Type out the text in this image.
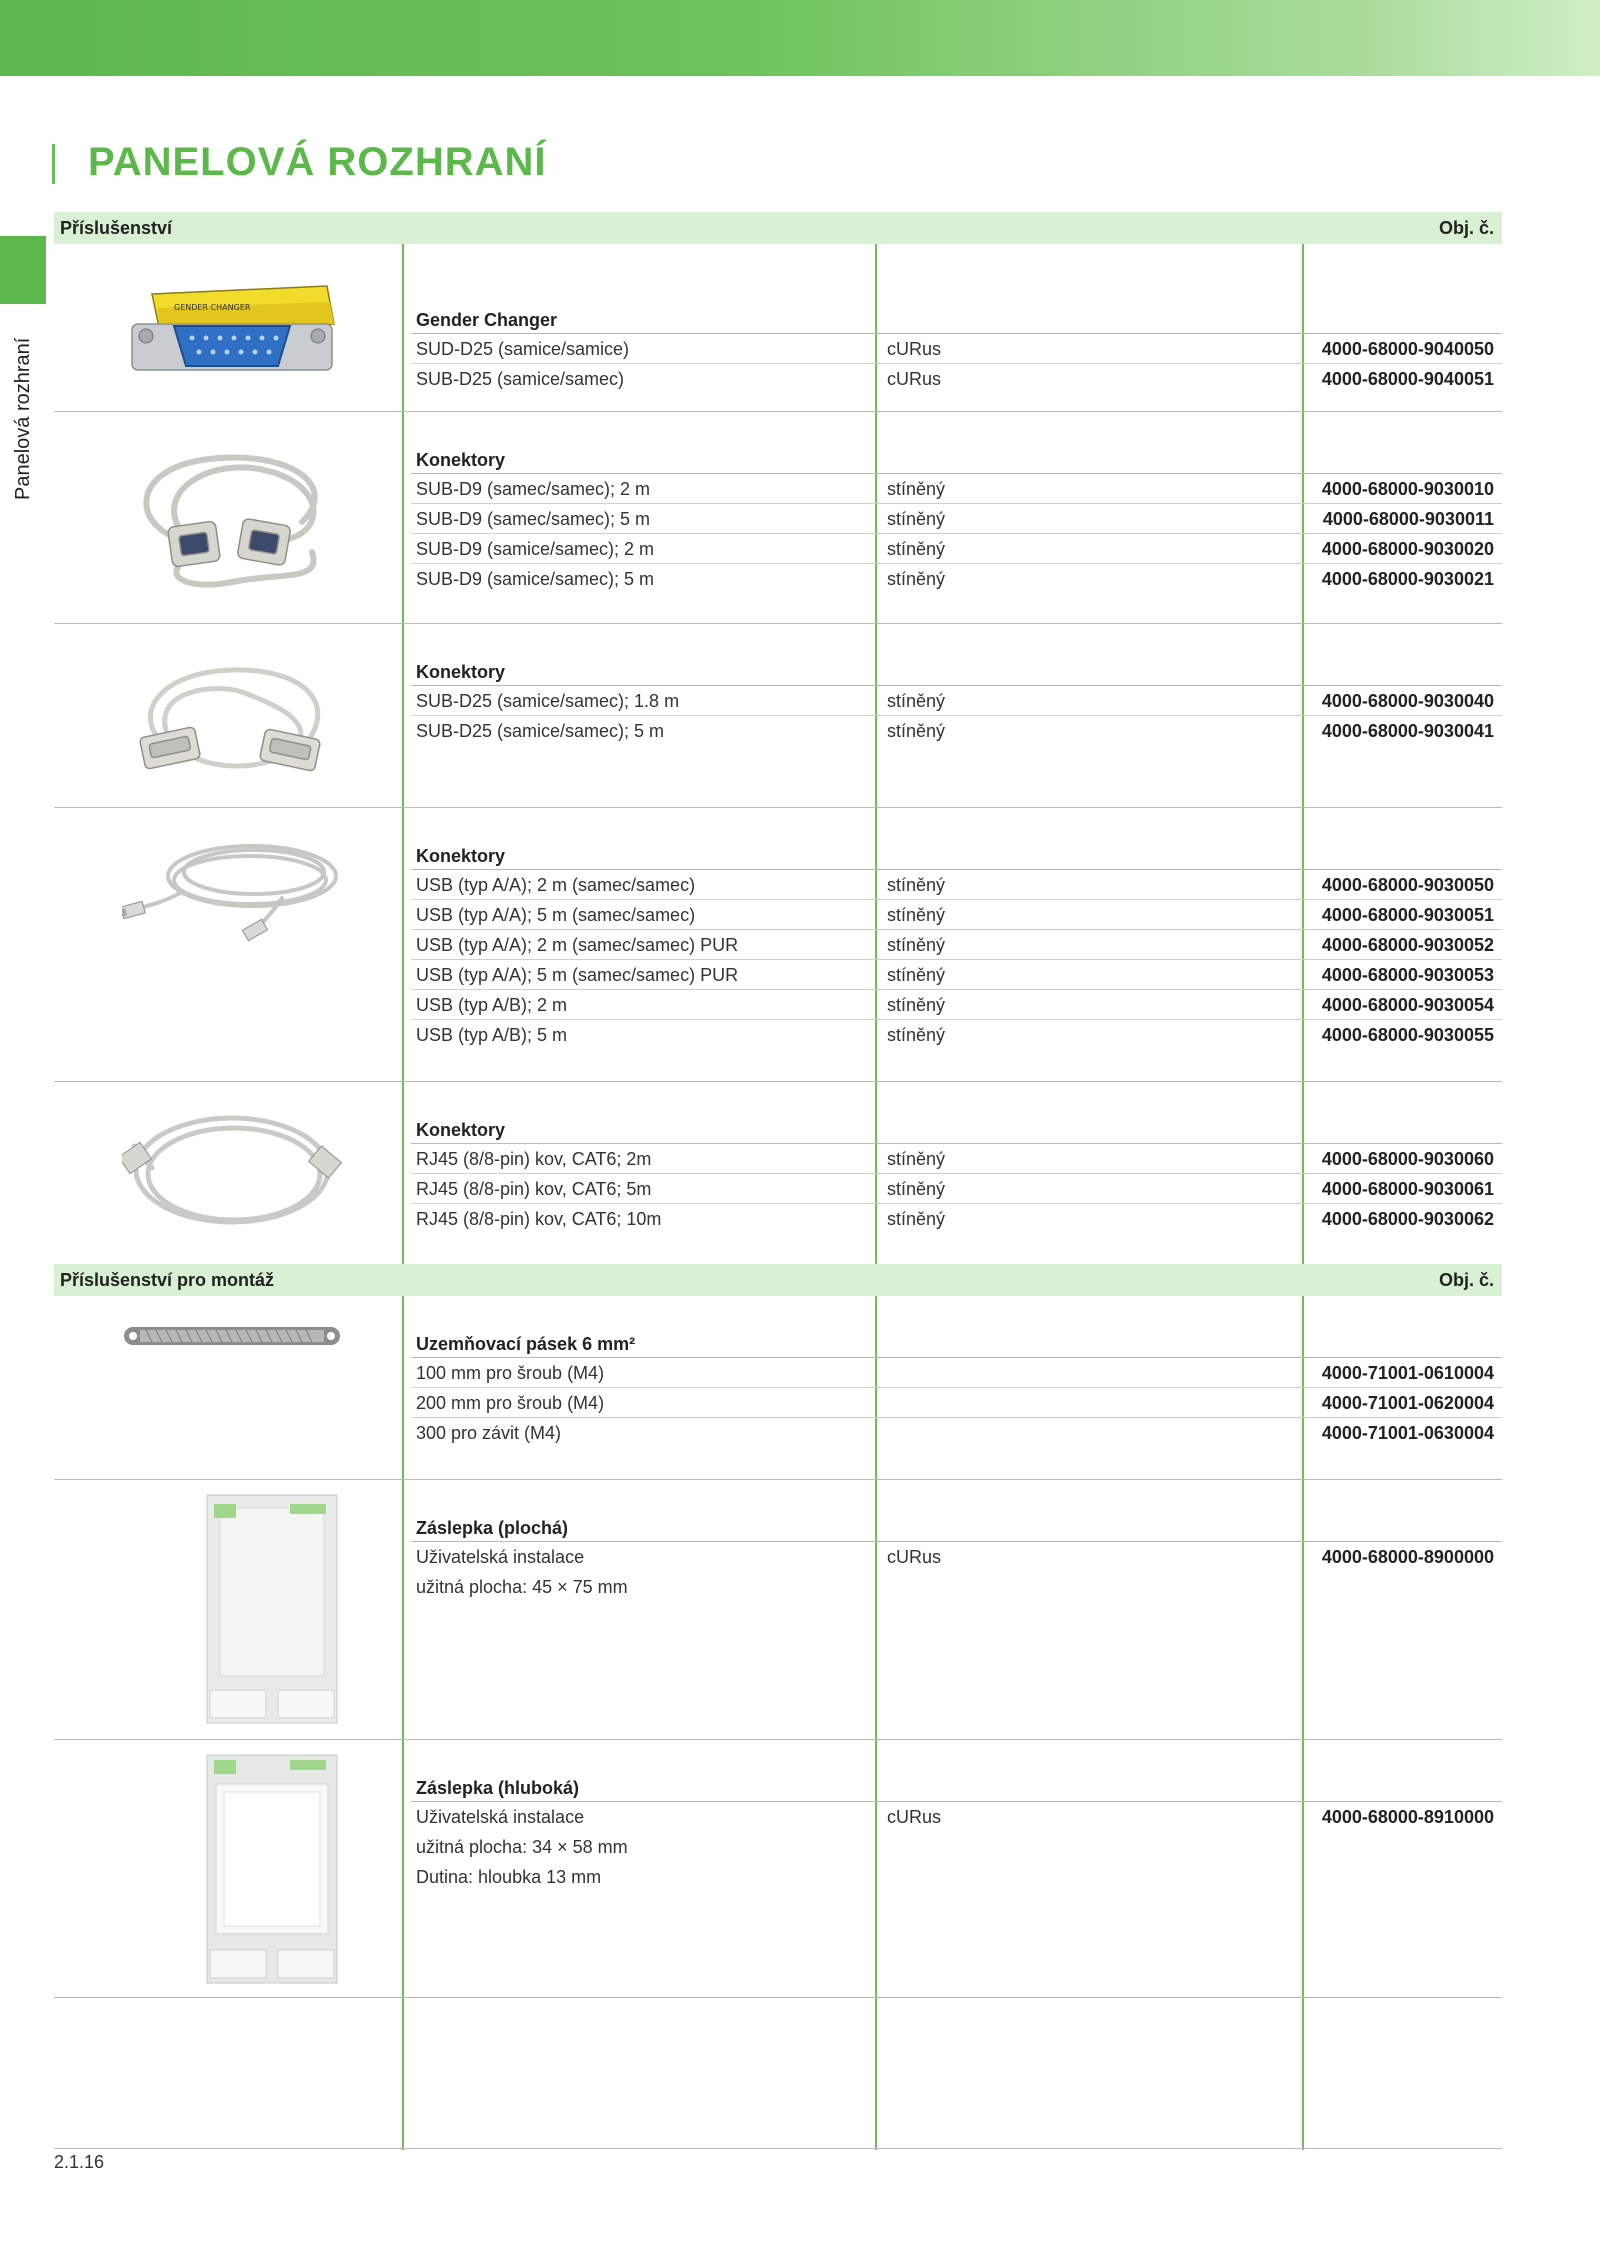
PANELOVÁ ROZHRANÍ
Panelová rozhraní
Příslušenství	Obj. č.
GENDER CHANGER
Gender Changer
SUD-D25 (samice/samice)	cURus	4000-68000-9040050
SUB-D25 (samice/samec)	cURus	4000-68000-9040051
Konektory
SUB-D9 (samec/samec); 2 m	stíněný	4000-68000-9030010
SUB-D9 (samec/samec); 5 m	stíněný	4000-68000-9030011
SUB-D9 (samice/samec); 2 m	stíněný	4000-68000-9030020
SUB-D9 (samice/samec); 5 m	stíněný	4000-68000-9030021
Konektory
SUB-D25 (samice/samec); 1.8 m	stíněný	4000-68000-9030040
SUB-D25 (samice/samec); 5 m	stíněný	4000-68000-9030041
Konektory
USB (typ A/A); 2 m (samec/samec)	stíněný	4000-68000-9030050
USB (typ A/A); 5 m (samec/samec)	stíněný	4000-68000-9030051
USB (typ A/A); 2 m (samec/samec) PUR	stíněný	4000-68000-9030052
USB (typ A/A); 5 m (samec/samec) PUR	stíněný	4000-68000-9030053
USB (typ A/B); 2 m	stíněný	4000-68000-9030054
USB (typ A/B); 5 m	stíněný	4000-68000-9030055
Konektory
RJ45 (8/8-pin) kov, CAT6; 2m	stíněný	4000-68000-9030060
RJ45 (8/8-pin) kov, CAT6; 5m	stíněný	4000-68000-9030061
RJ45 (8/8-pin) kov, CAT6; 10m	stíněný	4000-68000-9030062
Příslušenství pro montáž	Obj. č.
Uzemňovací pásek 6 mm²
100 mm pro šroub (M4)	4000-71001-0610004
200 mm pro šroub (M4)	4000-71001-0620004
300 pro závit (M4)	4000-71001-0630004
Záslepka (plochá)
Uživatelská instalace	cURus	4000-68000-8900000
užitná plocha: 45 × 75 mm
Záslepka (hluboká)
Uživatelská instalace	cURus	4000-68000-8910000
užitná plocha: 34 × 58 mm
Dutina: hloubka 13 mm
2.1.16
